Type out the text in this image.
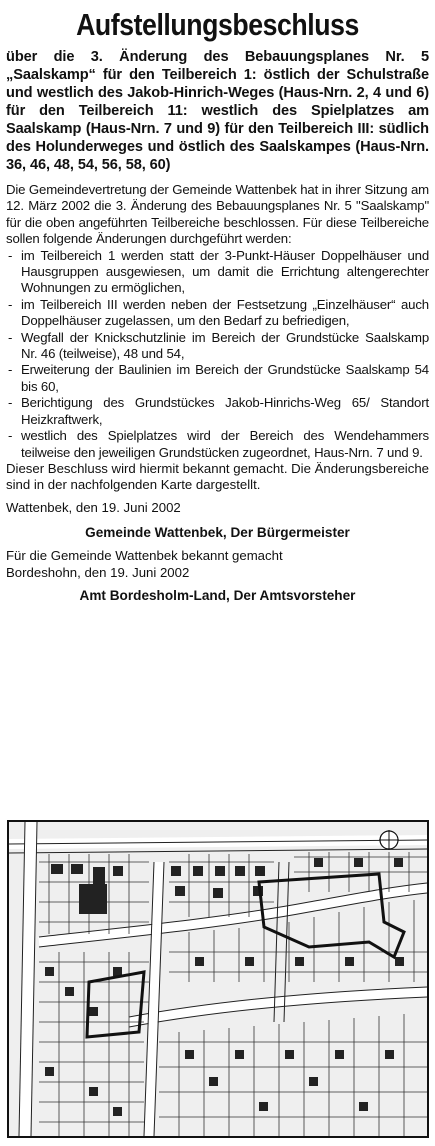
Aufstellungsbeschluss

über die 3. Änderung des Bebauungsplanes Nr. 5 „Saalskamp“ für den Teilbereich 1: östlich der Schulstraße und westlich des Jakob-Hinrich-Weges (Haus-Nrn. 2, 4 und 6) für den Teilbereich 11: westlich des Spielplatzes am Saalskamp (Haus-Nrn. 7 und 9) für den Teilbereich III: südlich des Holunderweges und östlich des Saalskampes (Haus-Nrn. 36, 46, 48, 54, 56, 58, 60)

Die Gemeindevertretung der Gemeinde Wattenbek hat in ihrer Sitzung am 12. März 2002 die 3. Änderung des Bebauungsplanes Nr. 5 "Saalskamp" für die oben angeführten Teilbereiche beschlossen. Für diese Teilbereiche sollen folgende Änderungen durchgeführt werden:

- im Teilbereich 1 werden statt der 3-Punkt-Häuser Doppelhäuser und Hausgruppen ausgewiesen, um damit die Errichtung altengerechter Wohnungen zu ermöglichen,
- im Teilbereich III werden neben der Festsetzung „Einzelhäuser“ auch Doppelhäuser zugelassen, um den Bedarf zu befriedigen,
- Wegfall der Knickschutzlinie im Bereich der Grundstücke Saalskamp Nr. 46 (teilweise), 48 und 54,
- Erweiterung der Baulinien im Bereich der Grundstücke Saalskamp 54 bis 60,
- Berichtigung des Grundstückes Jakob-Hinrichs-Weg 65/ Standort Heizkraftwerk,
- westlich des Spielplatzes wird der Bereich des Wendehammers teilweise den jeweiligen Grundstücken zugeordnet, Haus-Nrn. 7 und 9.

Dieser Beschluss wird hiermit bekannt gemacht. Die Änderungsbereiche sind in der nachfolgenden Karte dargestellt.

Wattenbek, den 19. Juni 2002

Gemeinde Wattenbek, Der Bürgermeister

Für die Gemeinde Wattenbek bekannt gemacht

Bordeshohn, den 19. Juni 2002

Amt Bordesholm-Land, Der Amtsvorsteher
